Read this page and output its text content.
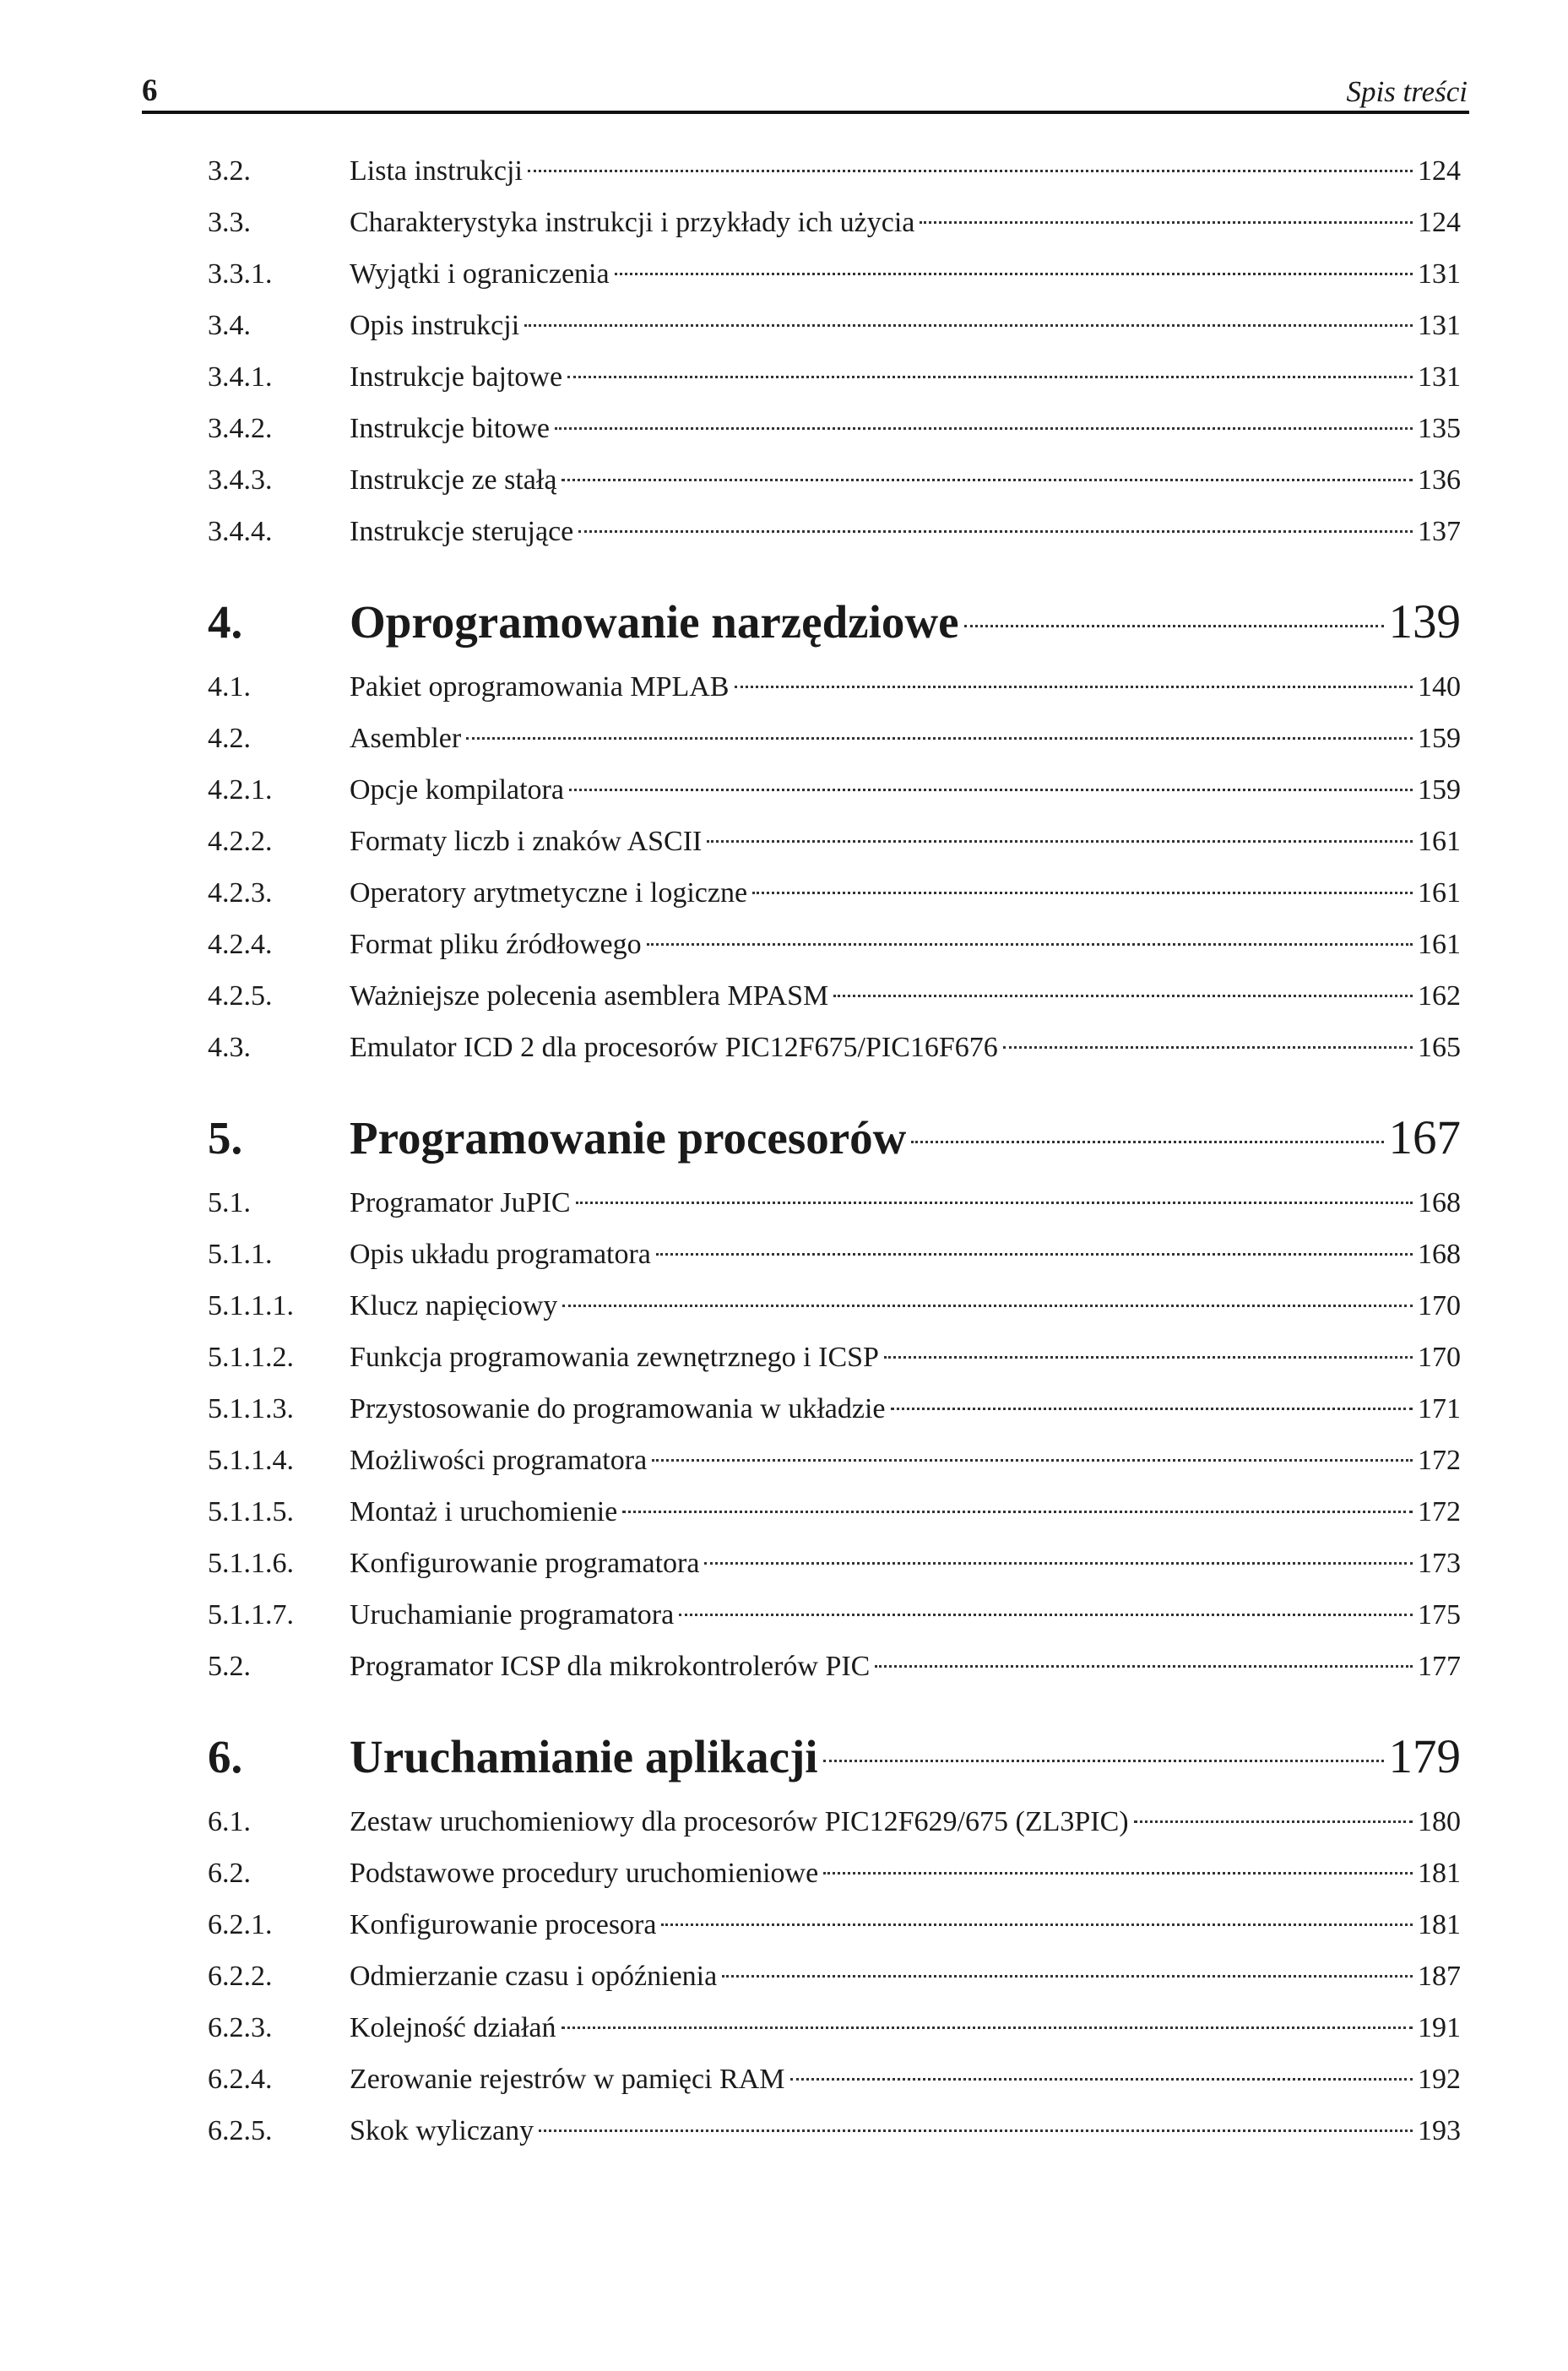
6	Spis treści
3.2.	Lista instrukcji	124
3.3.	Charakterystyka instrukcji i przykłady ich użycia	124
3.3.1.	Wyjątki i ograniczenia	131
3.4.	Opis instrukcji	131
3.4.1.	Instrukcje bajtowe	131
3.4.2.	Instrukcje bitowe	135
3.4.3.	Instrukcje ze stałą	136
3.4.4.	Instrukcje sterujące	137
4.	Oprogramowanie narzędziowe	139
4.1.	Pakiet oprogramowania MPLAB	140
4.2.	Asembler	159
4.2.1.	Opcje kompilatora	159
4.2.2.	Formaty liczb i znaków ASCII	161
4.2.3.	Operatory arytmetyczne i logiczne	161
4.2.4.	Format pliku źródłowego	161
4.2.5.	Ważniejsze polecenia asemblera MPASM	162
4.3.	Emulator ICD 2 dla procesorów PIC12F675/PIC16F676	165
5.	Programowanie procesorów	167
5.1.	Programator JuPIC	168
5.1.1.	Opis układu programatora	168
5.1.1.1.	Klucz napięciowy	170
5.1.1.2.	Funkcja programowania zewnętrznego i ICSP	170
5.1.1.3.	Przystosowanie do programowania w układzie	171
5.1.1.4.	Możliwości programatora	172
5.1.1.5.	Montaż i uruchomienie	172
5.1.1.6.	Konfigurowanie programatora	173
5.1.1.7.	Uruchamianie programatora	175
5.2.	Programator ICSP dla mikrokontrolerów PIC	177
6.	Uruchamianie aplikacji	179
6.1.	Zestaw uruchomieniowy dla procesorów PIC12F629/675 (ZL3PIC)	180
6.2.	Podstawowe procedury uruchomieniowe	181
6.2.1.	Konfigurowanie procesora	181
6.2.2.	Odmierzanie czasu i opóźnienia	187
6.2.3.	Kolejność działań	191
6.2.4.	Zerowanie rejestrów w pamięci RAM	192
6.2.5.	Skok wyliczany	193
